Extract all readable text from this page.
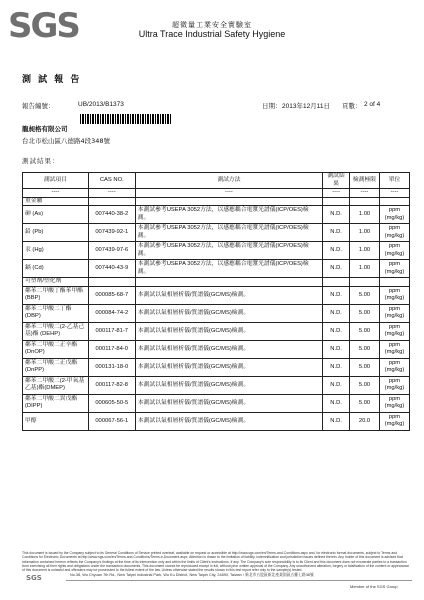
SGS	超微量工業安全實驗室
Ultra Trace Industrial Safety Hygiene
測 試 報 告
報告編號：	UB/2013/B1373	日期： 2013年12月11日 頁數： 2 of 4
龍昶格有限公司
台北市松山區八德路4段348號
測試結果：
測試項目	CAS NO.	測試方法	測試結果	檢測極限	單位
----	----	----	----	----	----
重金屬					
砷 (As)	007440-38-2	本測試參考USEPA 3052方法，以感應耦合電漿光譜儀(ICP/OES)檢測。	N.D.	1.00	ppm (mg/kg)
鉛 (Pb)	007439-92-1	本測試參考USEPA 3052方法，以感應耦合電漿光譜儀(ICP/OES)檢測。	N.D.	1.00	ppm (mg/kg)
汞 (Hg)	007439-97-6	本測試參考USEPA 3052方法，以感應耦合電漿光譜儀(ICP/OES)檢測。	N.D.	1.00	ppm (mg/kg)
鎘 (Cd)	007440-43-9	本測試參考USEPA 3052方法，以感應耦合電漿光譜儀(ICP/OES)檢測。	N.D.	1.00	ppm (mg/kg)
可塑劑/塑化劑					
鄰苯二甲酸丁酯苯甲酯(BBP)	000085-68-7	本測試以氣相層析儀/質譜儀(GC/MS)檢測。	N.D.	5.00	ppm (mg/kg)
鄰苯二甲酸二丁酯 (DBP)	000084-74-2	本測試以氣相層析儀/質譜儀(GC/MS)檢測。	N.D.	5.00	ppm (mg/kg)
鄰苯二甲酸二(2-乙基己基)酯 (DEHP)	000117-81-7	本測試以氣相層析儀/質譜儀(GC/MS)檢測。	N.D.	5.00	ppm (mg/kg)
鄰苯二甲酸二正辛酯 (DnOP)	000117-84-0	本測試以氣相層析儀/質譜儀(GC/MS)檢測。	N.D.	5.00	ppm (mg/kg)
鄰苯二甲酸二正戊酯 (DnPP)	000131-18-0	本測試以氣相層析儀/質譜儀(GC/MS)檢測。	N.D.	5.00	ppm (mg/kg)
鄰苯二甲酸二(2-甲氧基乙基)酯(DMEP)	000117-82-8	本測試以氣相層析儀/質譜儀(GC/MS)檢測。	N.D.	5.00	ppm (mg/kg)
鄰苯二甲酸二異戊酯 (DIPP)	000605-50-5	本測試以氣相層析儀/質譜儀(GC/MS)檢測。	N.D.	5.00	ppm (mg/kg)
甲醇	000067-56-1	本測試以氣相層析儀/質譜儀(GC/MS)檢測。	N.D.	20.0	ppm (mg/kg)
This document is issued by the Company subject to its General Conditions of Service printed overleaf, available on request or accessible at http://www.sgs.com/en/Terms-and-Conditions.aspx and, for electronic format documents, subject to Terms and Conditions for Electronic Documents at http://www.sgs.com/en/Terms-and-Conditions/Terms-e-Document.aspx. Attention is drawn to the limitation of liability, indemnification and jurisdiction issues defined therein. Any holder of this document is advised that information contained hereon reflects the Company's findings at the time of its intervention only and within the limits of Client's instructions, if any. The Company's sole responsibility is to its Client and this document does not exonerate parties to a transaction from exercising all their rights and obligations under the transaction documents. This document cannot be reproduced except in full, without prior written approval of the Company. Any unauthorized alteration, forgery or falsification of the content or appearance of this document is unlawful and offenders may be prosecuted to the fullest extent of the law. Unless otherwise stated the results shown in this test report refer only to the sample(s) tested.
SGS	No.38, Wu Chyuan 7th Rd., New Taipei Industrial Park, Wu Ku District, New Taipei City, 24890, Taiwan / 新北市五股區新北產業園區五權七路38號
Member of the SGS Group
